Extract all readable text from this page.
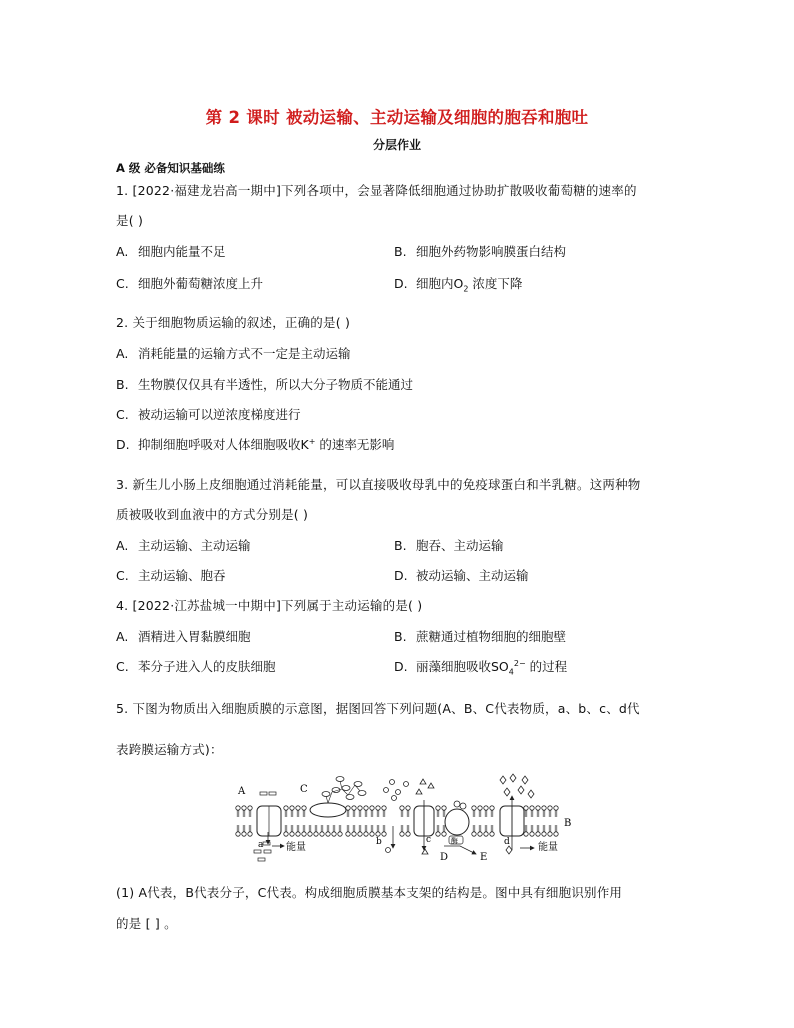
第 2 课时 被动运输、主动运输及细胞的胞吞和胞吐
分层作业
A 级 必备知识基础练
1. [2022·福建龙岩高一期中]下列各项中，会显著降低细胞通过协助扩散吸收葡萄糖的速率的
是( )
A. 细胞内能量不足	B. 细胞外药物影响膜蛋白结构
C. 细胞外葡萄糖浓度上升	D. 细胞内$O_2$ 浓度下降
2. 关于细胞物质运输的叙述，正确的是( )
A. 消耗能量的运输方式不一定是主动运输
B. 生物膜仅仅具有半透性，所以大分子物质不能通过
C. 被动运输可以逆浓度梯度进行
D. 抑制细胞呼吸对人体细胞吸收K+ 的速率无影响
3. 新生儿小肠上皮细胞通过消耗能量，可以直接吸收母乳中的免疫球蛋白和半乳糖。这两种物
质被吸收到血液中的方式分别是( )
A. 主动运输、主动运输	B. 胞吞、主动运输
C. 主动运输、胞吞	D. 被动运输、主动运输
4. [2022·江苏盐城一中期中]下列属于主动运输的是( )
A. 酒精进入胃黏膜细胞	B. 蔗糖通过植物细胞的细胞壁
C. 苯分子进入人的皮肤细胞	D. 丽藻细胞吸收$SO_4^{2-}$ 的过程
5. 下图为物质出入细胞质膜的示意图，据图回答下列问题(A、B、C代表物质，a、b、c、d代
表跨膜运输方式)：
A
B
C
D	E
a	b	c	d
能量	能量
酶
(1) A代表，B代表分子，C代表。构成细胞质膜基本支架的结构是。图中具有细胞识别作用
的是 [ ] 。
